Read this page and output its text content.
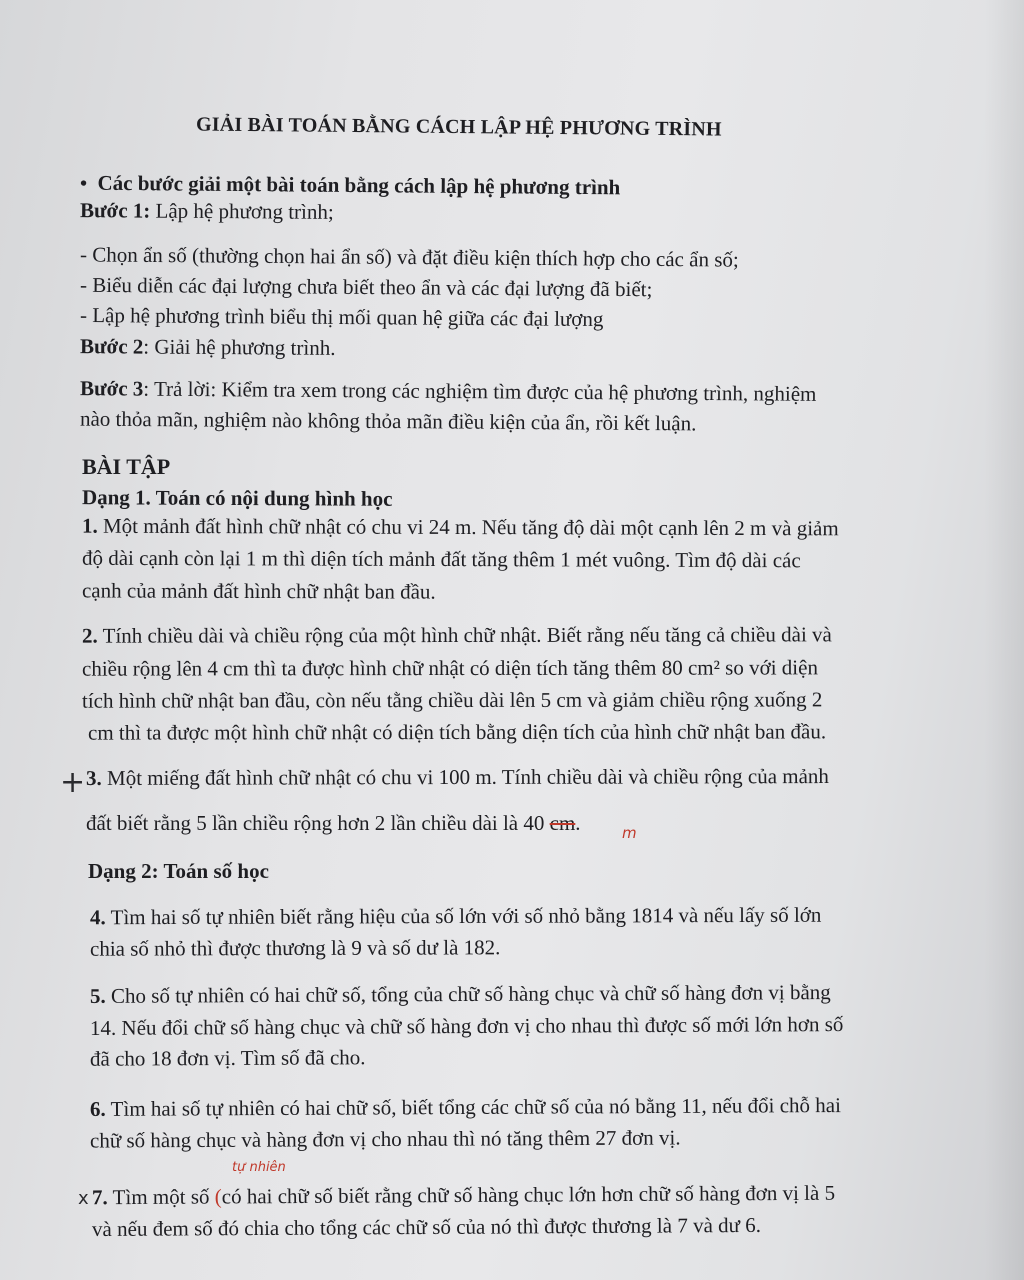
GIẢI BÀI TOÁN BẰNG CÁCH LẬP HỆ PHƯƠNG TRÌNH
• Các bước giải một bài toán bằng cách lập hệ phương trình
Bước 1: Lập hệ phương trình;
- Chọn ẩn số (thường chọn hai ẩn số) và đặt điều kiện thích hợp cho các ẩn số;
- Biểu diễn các đại lượng chưa biết theo ẩn và các đại lượng đã biết;
- Lập hệ phương trình biểu thị mối quan hệ giữa các đại lượng
Bước 2: Giải hệ phương trình.
Bước 3: Trả lời: Kiểm tra xem trong các nghiệm tìm được của hệ phương trình, nghiệm
nào thỏa mãn, nghiệm nào không thỏa mãn điều kiện của ẩn, rồi kết luận.
BÀI TẬP
Dạng 1. Toán có nội dung hình học
1. Một mảnh đất hình chữ nhật có chu vi 24 m. Nếu tăng độ dài một cạnh lên 2 m và giảm
độ dài cạnh còn lại 1 m thì diện tích mảnh đất tăng thêm 1 mét vuông. Tìm độ dài các
cạnh của mảnh đất hình chữ nhật ban đầu.
2. Tính chiều dài và chiều rộng của một hình chữ nhật. Biết rằng nếu tăng cả chiều dài và
chiều rộng lên 4 cm thì ta được hình chữ nhật có diện tích tăng thêm 80 cm² so với diện
tích hình chữ nhật ban đầu, còn nếu tằng chiều dài lên 5 cm và giảm chiều rộng xuống 2
cm thì ta được một hình chữ nhật có diện tích bằng diện tích của hình chữ nhật ban đầu.
+ 3. Một miếng đất hình chữ nhật có chu vi 100 m. Tính chiều dài và chiều rộng của mảnh
đất biết rằng 5 lần chiều rộng hơn 2 lần chiều dài là 40 cm.	m
Dạng 2: Toán số học
4. Tìm hai số tự nhiên biết rằng hiệu của số lớn với số nhỏ bằng 1814 và nếu lấy số lớn
chia số nhỏ thì được thương là 9 và số dư là 182.
5. Cho số tự nhiên có hai chữ số, tổng của chữ số hàng chục và chữ số hàng đơn vị bằng
14. Nếu đổi chữ số hàng chục và chữ số hàng đơn vị cho nhau thì được số mới lớn hơn số
đã cho 18 đơn vị. Tìm số đã cho.
6. Tìm hai số tự nhiên có hai chữ số, biết tổng các chữ số của nó bằng 11, nếu đổi chỗ hai
chữ số hàng chục và hàng đơn vị cho nhau thì nó tăng thêm 27 đơn vị.
tự nhiên
x 7. Tìm một số (có hai chữ số biết rằng chữ số hàng chục lớn hơn chữ số hàng đơn vị là 5
và nếu đem số đó chia cho tổng các chữ số của nó thì được thương là 7 và dư 6.
